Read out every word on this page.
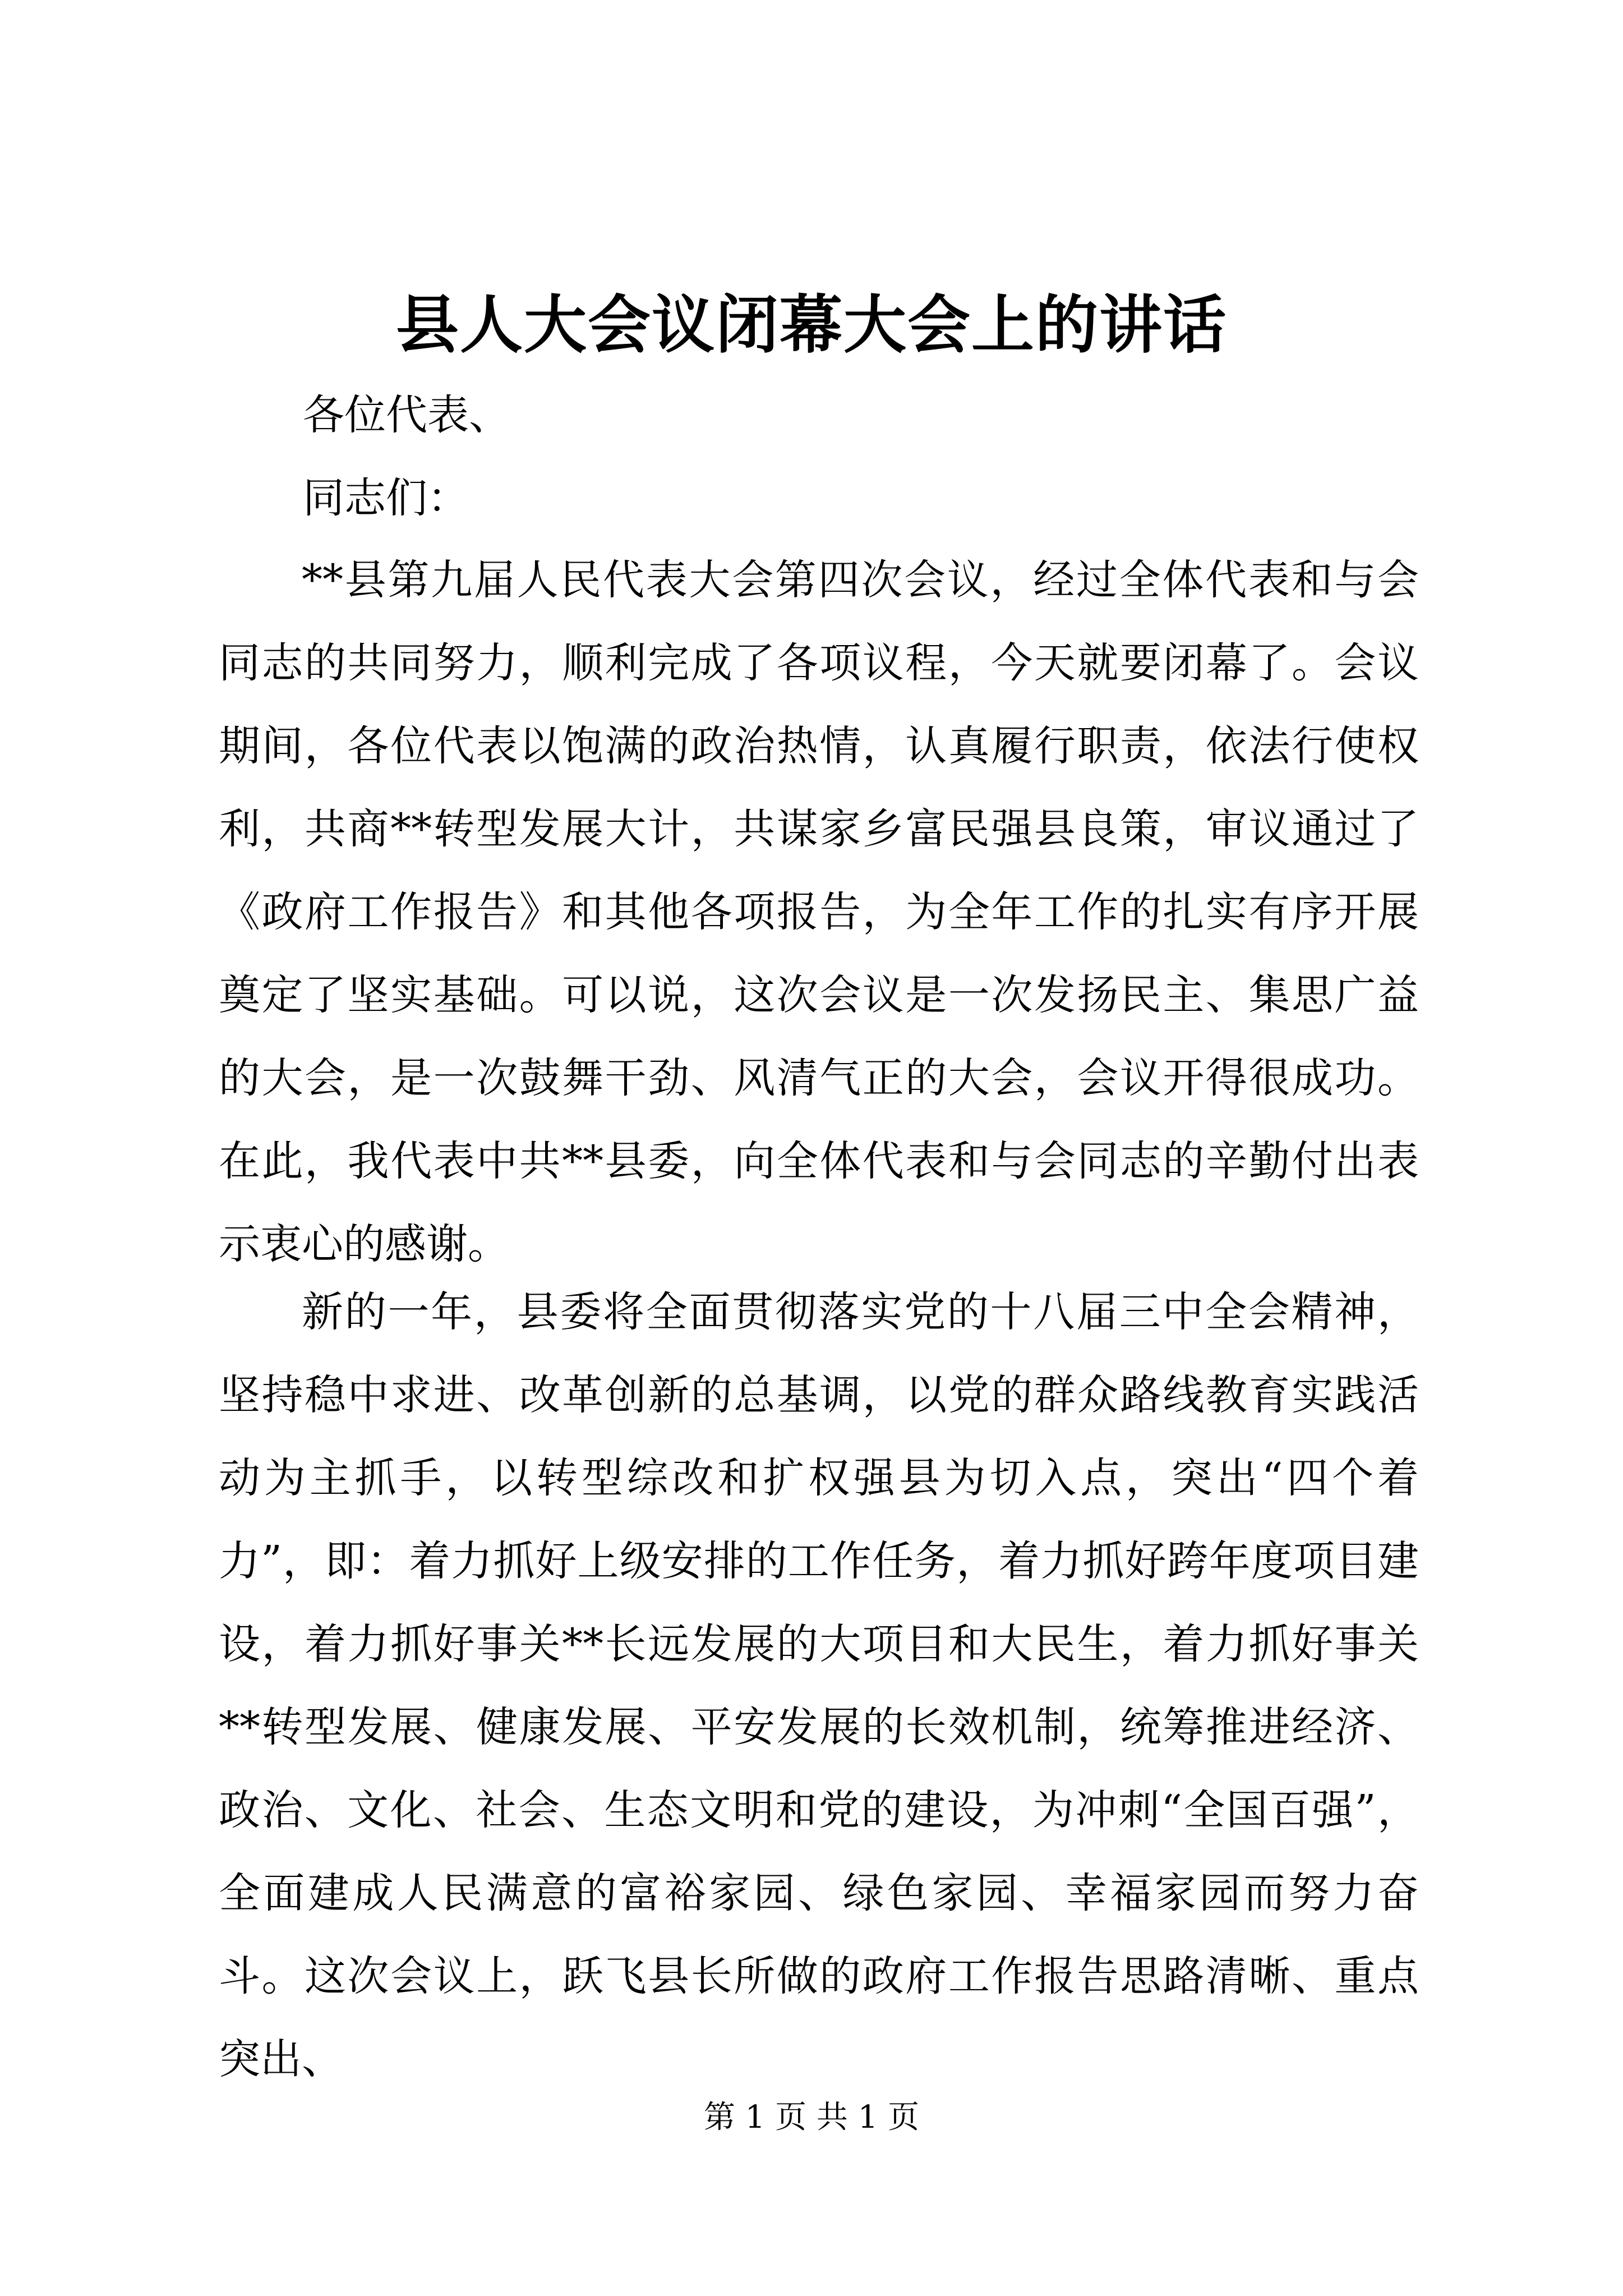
县人大会议闭幕大会上的讲话
各位代表、
同志们：

**县第九届人民代表大会第四次会议，经过全体代表和与会同志的共同努力，顺利完成了各项议程，今天就要闭幕了。会议期间，各位代表以饱满的政治热情，认真履行职责，依法行使权利，共商**转型发展大计，共谋家乡富民强县良策，审议通过了《政府工作报告》和其他各项报告，为全年工作的扎实有序开展奠定了坚实基础。可以说，这次会议是一次发扬民主、集思广益的大会，是一次鼓舞干劲、风清气正的大会，会议开得很成功。在此，我代表中共**县委，向全体代表和与会同志的辛勤付出表示衷心的感谢。

新的一年，县委将全面贯彻落实党的十八届三中全会精神，坚持稳中求进、改革创新的总基调，以党的群众路线教育实践活动为主抓手，以转型综改和扩权强县为切入点，突出“四个着力”，即：着力抓好上级安排的工作任务，着力抓好跨年度项目建设，着力抓好事关**长远发展的大项目和大民生，着力抓好事关**转型发展、健康发展、平安发展的长效机制，统筹推进经济、政治、文化、社会、生态文明和党的建设，为冲刺“全国百强”，全面建成人民满意的富裕家园、绿色家园、幸福家园而努力奋斗。这次会议上，跃飞县长所做的政府工作报告思路清晰、重点突出、

第 1 页 共 1 页
